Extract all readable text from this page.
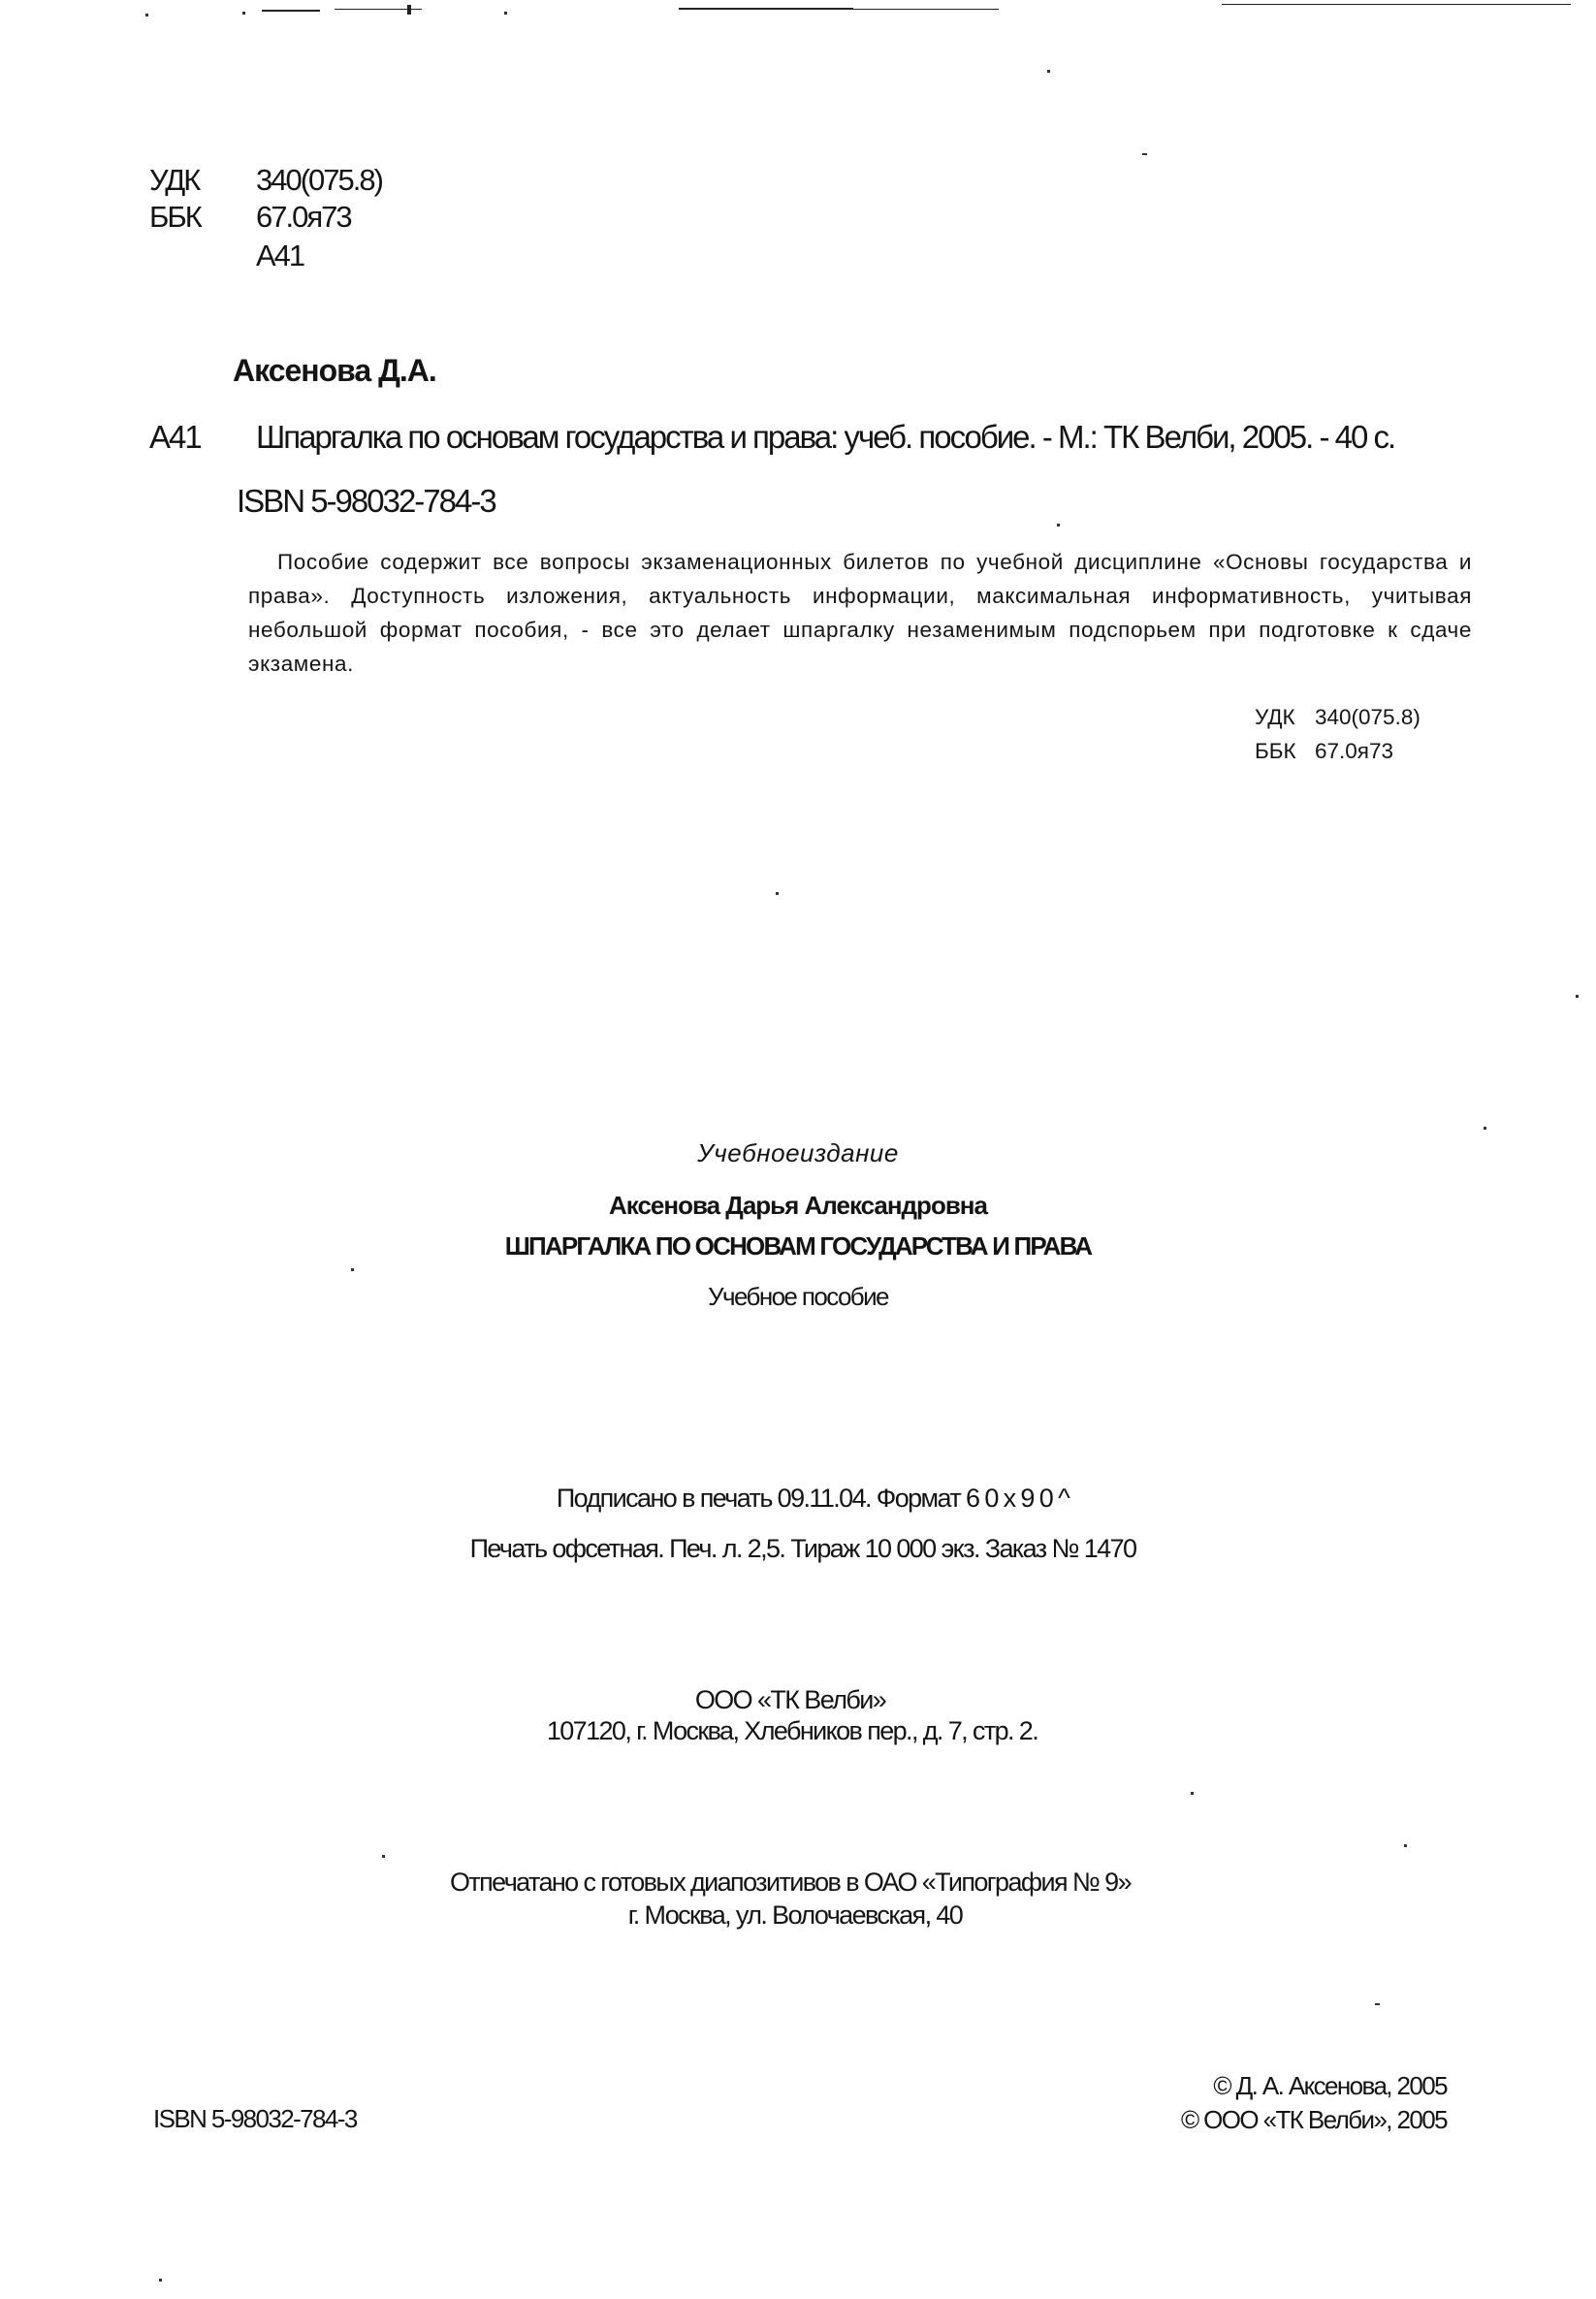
УДК 340(075.8)
ББК 67.0я73
А41
Аксенова Д.А.
А41 Шпаргалка по основам государства и права: учеб. пособие. - М.: ТК Велби, 2005. - 40 с.
ISBN 5-98032-784-3
Пособие содержит все вопросы экзаменационных билетов по учебной дисциплине «Основы государства и права». Доступность изложения, актуальность информации, максимальная информативность, учитывая небольшой формат пособия, - все это делает шпаргалку незаменимым подспорьем при подготовке к сдаче экзамена.
УДК 340(075.8)
ББК 67.0я73
Учебноеиздание
Аксенова Дарья Александровна
ШПАРГАЛКА ПО ОСНОВАМ ГОСУДАРСТВА И ПРАВА
Учебное пособие
Подписано в печать 09.11.04. Формат 6 0 х 9 0 ^
Печать офсетная. Печ. л. 2,5. Тираж 10 000 экз. Заказ № 1470
ООО «ТК Велби»
107120, г. Москва, Хлебников пер., д. 7, стр. 2.
Отпечатано с готовых диапозитивов в ОАО «Типография № 9»
г. Москва, ул. Волочаевская, 40
ISBN 5-98032-784-3
© Д. А. Аксенова, 2005
© ООО «ТК Велби», 2005
